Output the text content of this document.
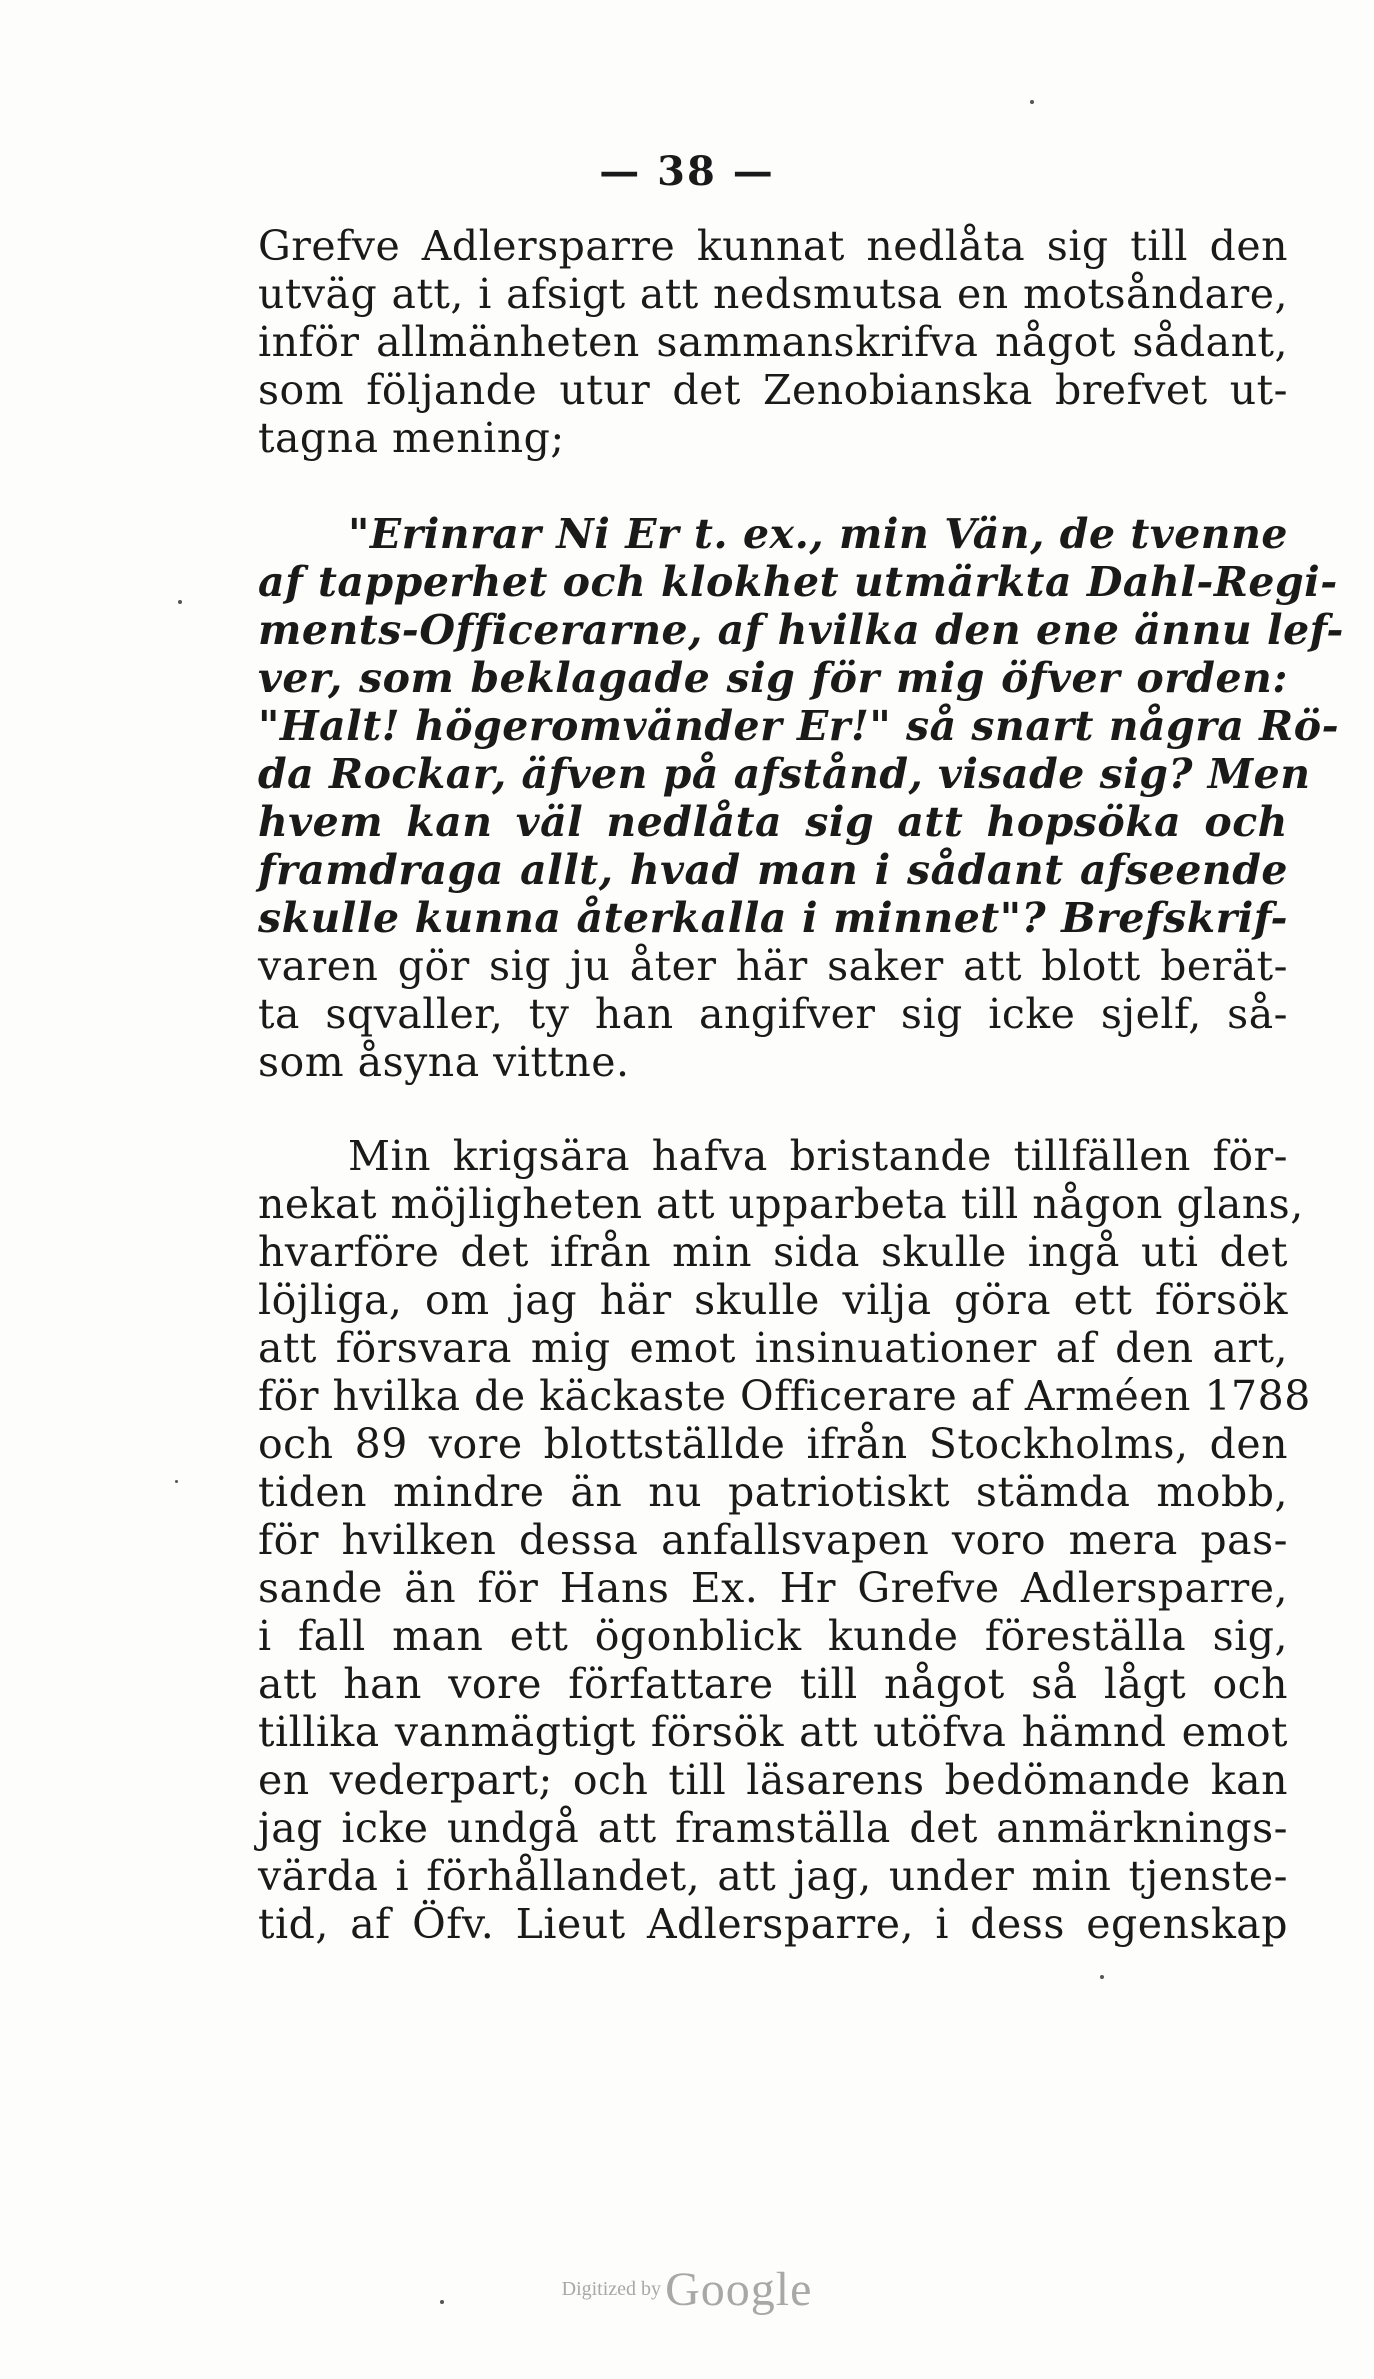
— 38 —
Grefve Adlersparre kunnat nedlåta sig till den
utväg att, i afsigt att nedsmutsa en motsåndare,
inför allmänheten sammanskrifva något sådant,
som följande utur det Zenobianska brefvet ut-
tagna mening;
"Erinrar Ni Er t. ex., min Vän, de tvenne
af tapperhet och klokhet utmärkta Dahl-Regi-
ments-Officerarne, af hvilka den ene ännu lef-
ver, som beklagade sig för mig öfver orden:
"Halt! högeromvänder Er!" så snart några Rö-
da Rockar, äfven på afstånd, visade sig? Men
hvem kan väl nedlåta sig att hopsöka och
framdraga allt, hvad man i sådant afseende
skulle kunna återkalla i minnet"? Brefskrif-
varen gör sig ju åter här saker att blott berät-
ta sqvaller, ty han angifver sig icke sjelf, så-
som åsyna vittne.
Min krigsära hafva bristande tillfällen för-
nekat möjligheten att upparbeta till någon glans,
hvarföre det ifrån min sida skulle ingå uti det
löjliga, om jag här skulle vilja göra ett försök
att försvara mig emot insinuationer af den art,
för hvilka de käckaste Officerare af Arméen 1788
och 89 vore blottställde ifrån Stockholms, den
tiden mindre än nu patriotiskt stämda mobb,
för hvilken dessa anfallsvapen voro mera pas-
sande än för Hans Ex. Hr Grefve Adlersparre,
i fall man ett ögonblick kunde föreställa sig,
att han vore författare till något så lågt och
tillika vanmägtigt försök att utöfva hämnd emot
en vederpart; och till läsarens bedömande kan
jag icke undgå att framställa det anmärknings-
värda i förhållandet, att jag, under min tjenste-
tid, af Öfv. Lieut Adlersparre, i dess egenskap
Digitized by Google
